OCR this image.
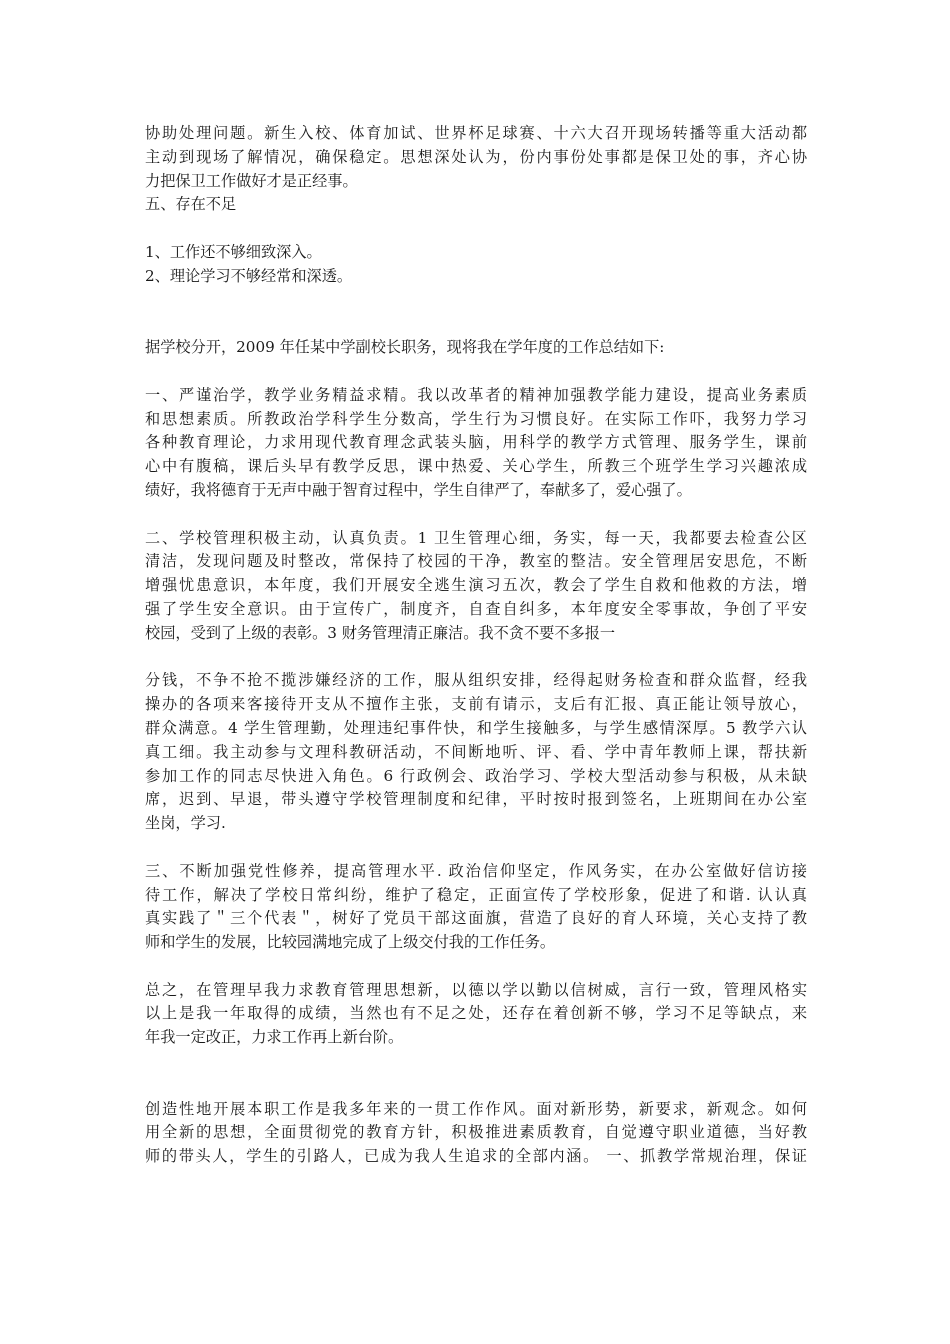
协助处理问题。新生入校、体育加试、世界杯足球赛、十六大召开现场转播等重大活动都
主动到现场了解情况，确保稳定。思想深处认为，份内事份处事都是保卫处的事，齐心协
力把保卫工作做好才是正经事。
五、存在不足
1、工作还不够细致深入。
2、理论学习不够经常和深透。
据学校分开，2009 年任某中学副校长职务，现将我在学年度的工作总结如下:
一、严谨治学，教学业务精益求精。我以改革者的精神加强教学能力建设，提高业务素质
和思想素质。所教政治学科学生分数高，学生行为习惯良好。在实际工作吓，我努力学习
各种教育理论，力求用现代教育理念武装头脑，用科学的教学方式管理、服务学生，课前
心中有腹稿，课后头早有教学反思，课中热爱、关心学生，所教三个班学生学习兴趣浓成
绩好，我将德育于无声中融于智育过程中，学生自律严了，奉献多了，爱心强了。
二、学校管理积极主动，认真负责。1 卫生管理心细，务实，每一天，我都要去检查公区
清洁，发现问题及时整改，常保持了校园的干净，教室的整洁。安全管理居安思危，不断
增强忧患意识，本年度，我们开展安全逃生演习五次，教会了学生自救和他救的方法，增
强了学生安全意识。由于宣传广，制度齐，自查自纠多，本年度安全零事故，争创了平安
校园，受到了上级的表彰。3 财务管理清正廉洁。我不贪不要不多报一
分钱，不争不抢不揽涉嫌经济的工作，服从组织安排，经得起财务检查和群众监督，经我
操办的各项来客接待开支从不擅作主张，支前有请示，支后有汇报、真正能让领导放心，
群众满意。4 学生管理勤，处理违纪事件快，和学生接触多，与学生感情深厚。5 教学六认
真工细。我主动参与文理科教研活动，不间断地听、评、看、学中青年教师上课，帮扶新
参加工作的同志尽快进入角色。6 行政例会、政治学习、学校大型活动参与积极，从未缺
席，迟到、早退，带头遵守学校管理制度和纪律，平时按时报到签名，上班期间在办公室
坐岗，学习.
三、不断加强党性修养，提高管理水平. 政治信仰坚定，作风务实，在办公室做好信访接
待工作，解决了学校日常纠纷，维护了稳定，正面宣传了学校形象，促进了和谐. 认认真
真实践了＂三个代表＂，树好了党员干部这面旗，营造了良好的育人环境，关心支持了教
师和学生的发展，比较园满地完成了上级交付我的工作任务。
总之，在管理早我力求教育管理思想新，以德以学以勤以信树威，言行一致，管理风格实
以上是我一年取得的成绩，当然也有不足之处，还存在着创新不够，学习不足等缺点，来
年我一定改正，力求工作再上新台阶。
创造性地开展本职工作是我多年来的一贯工作作风。面对新形势，新要求，新观念。如何
用全新的思想，全面贯彻党的教育方针，积极推进素质教育，自觉遵守职业道德，当好教
师的带头人，学生的引路人，已成为我人生追求的全部内涵。 一、抓教学常规治理，保证
